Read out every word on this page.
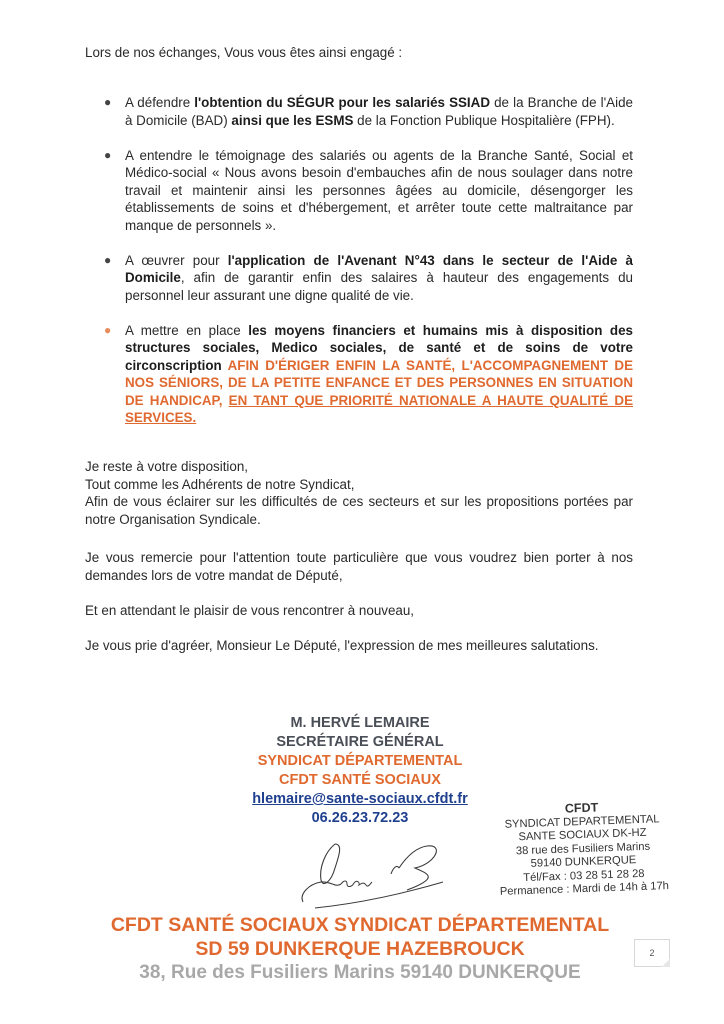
Lors de nos échanges, Vous vous êtes ainsi engagé :
● A défendre l'obtention du SÉGUR pour les salariés SSIAD de la Branche de l'Aide à Domicile (BAD) ainsi que les ESMS de la Fonction Publique Hospitalière (FPH).
● A entendre le témoignage des salariés ou agents de la Branche Santé, Social et Médico-social « Nous avons besoin d'embauches afin de nous soulager dans notre travail et maintenir ainsi les personnes âgées au domicile, désengorger les établissements de soins et d'hébergement, et arrêter toute cette maltraitance par manque de personnels ».
● A œuvrer pour l'application de l'Avenant N°43 dans le secteur de l'Aide à Domicile, afin de garantir enfin des salaires à hauteur des engagements du personnel leur assurant une digne qualité de vie.
● A mettre en place les moyens financiers et humains mis à disposition des structures sociales, Medico sociales, de santé et de soins de votre circonscription AFIN D'ÉRIGER ENFIN LA SANTÉ, L'ACCOMPAGNEMENT DE NOS SÉNIORS, DE LA PETITE ENFANCE ET DES PERSONNES EN SITUATION DE HANDICAP, EN TANT QUE PRIORITÉ NATIONALE A HAUTE QUALITÉ DE SERVICES.
Je reste à votre disposition,
Tout comme les Adhérents de notre Syndicat,
Afin de vous éclairer sur les difficultés de ces secteurs et sur les propositions portées par notre Organisation Syndicale.
Je vous remercie pour l'attention toute particulière que vous voudrez bien porter à nos demandes lors de votre mandat de Député,
Et en attendant le plaisir de vous rencontrer à nouveau,
Je vous prie d'agréer, Monsieur Le Député, l'expression de mes meilleures salutations.
M. HERVÉ LEMAIRE
SECRÉTAIRE GÉNÉRAL
SYNDICAT DÉPARTEMENTAL
CFDT SANTÉ SOCIAUX
hlemaire@sante-sociaux.cfdt.fr
06.26.23.72.23
CFDT
SYNDICAT DEPARTEMENTAL
SANTE SOCIAUX DK-HZ
38 rue des Fusiliers Marins
59140 DUNKERQUE
Tél/Fax : 03 28 51 28 28
Permanence : Mardi de 14h à 17h
CFDT SANTÉ SOCIAUX SYNDICAT DÉPARTEMENTAL
SD 59 DUNKERQUE HAZEBROUCK
38, Rue des Fusiliers Marins 59140 DUNKERQUE
2
